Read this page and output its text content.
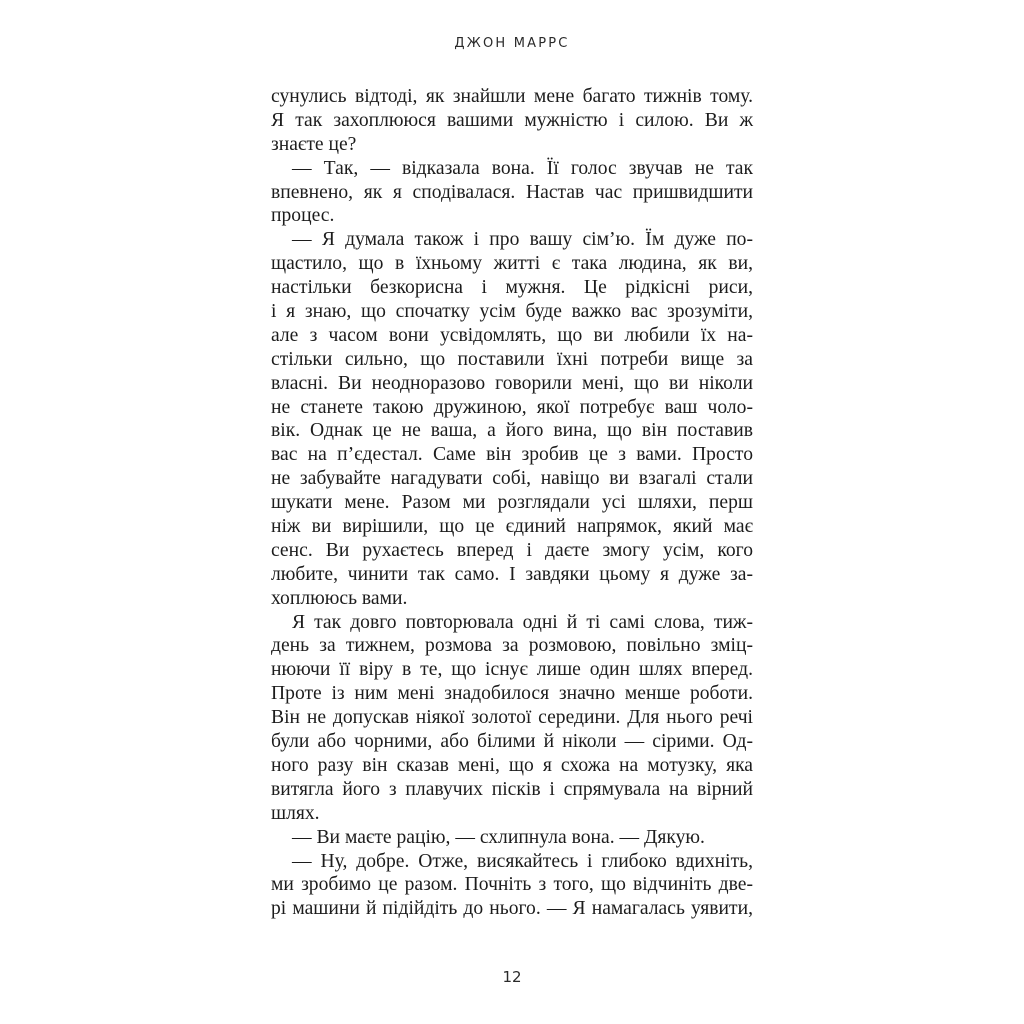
ДЖОН МАРРС
сунулись відтоді, як знайшли мене багато тижнів тому.
Я так захоплююся вашими мужністю і силою. Ви ж
знаєте це?
— Так, — відказала вона. Її голос звучав не так
впевнено, як я сподівалася. Настав час пришвидшити
процес.
— Я думала також і про вашу сім’ю. Їм дуже по-
щастило, що в їхньому житті є така людина, як ви,
настільки безкорисна і мужня. Це рідкісні риси,
і я знаю, що спочатку усім буде важко вас зрозуміти,
але з часом вони усвідомлять, що ви любили їх на-
стільки сильно, що поставили їхні потреби вище за
власні. Ви неодноразово говорили мені, що ви ніколи
не станете такою дружиною, якої потребує ваш чоло-
вік. Однак це не ваша, а його вина, що він поставив
вас на п’єдестал. Саме він зробив це з вами. Просто
не забувайте нагадувати собі, навіщо ви взагалі стали
шукати мене. Разом ми розглядали усі шляхи, перш
ніж ви вирішили, що це єдиний напрямок, який має
сенс. Ви рухаєтесь вперед і даєте змогу усім, кого
любите, чинити так само. І завдяки цьому я дуже за-
хоплююсь вами.
Я так довго повторювала одні й ті самі слова, тиж-
день за тижнем, розмова за розмовою, повільно зміц-
нюючи її віру в те, що існує лише один шлях вперед.
Проте із ним мені знадобилося значно менше роботи.
Він не допускав ніякої золотої середини. Для нього речі
були або чорними, або білими й ніколи — сірими. Од-
ного разу він сказав мені, що я схожа на мотузку, яка
витягла його з плавучих пісків і спрямувала на вірний
шлях.
— Ви маєте рацію, — схлипнула вона. — Дякую.
— Ну, добре. Отже, висякайтесь і глибоко вдихніть,
ми зробимо це разом. Почніть з того, що відчиніть две-
рі машини й підійдіть до нього. — Я намагалась уявити,
12
